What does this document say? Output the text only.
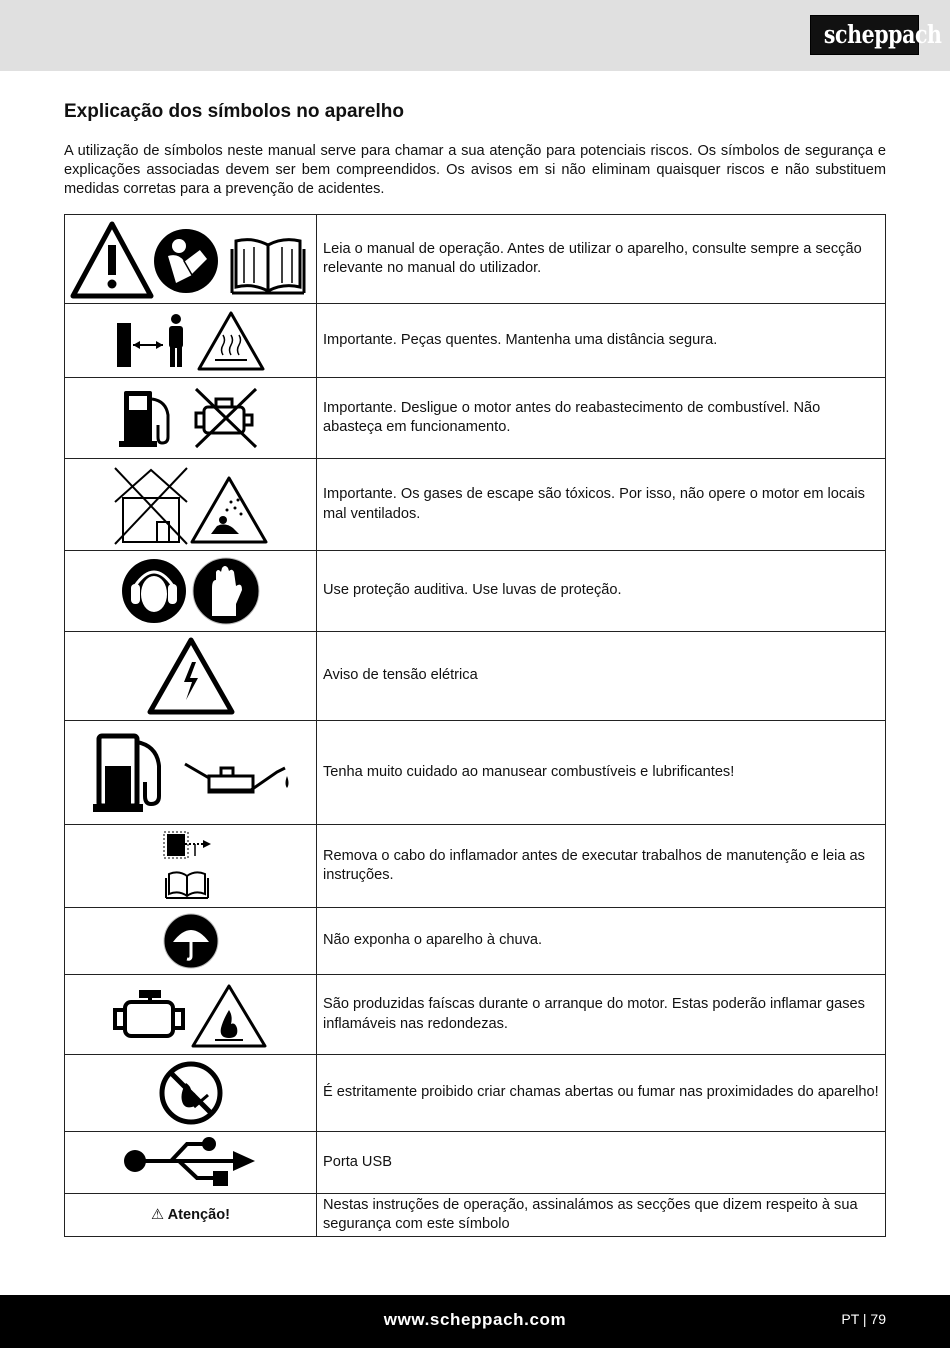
scheppach
Explicação dos símbolos no aparelho

A utilização de símbolos neste manual serve para chamar a sua atenção para potenciais riscos. Os símbolos de segurança e explicações associadas devem ser bem compreendidos. Os avisos em si não eliminam quaisquer riscos e não substituem medidas corretas para a prevenção de acidentes.

	Leia o manual de operação. Antes de utilizar o aparelho, consulte sempre a secção relevante no manual do utilizador.
	Importante. Peças quentes. Mantenha uma distância segura.
	Importante. Desligue o motor antes do reabastecimento de combustível. Não abasteça em funcionamento.
	Importante. Os gases de escape são tóxicos. Por isso, não opere o motor em locais mal ventilados.
	Use proteção auditiva. Use luvas de proteção.
	Aviso de tensão elétrica
	Tenha muito cuidado ao manusear combustíveis e lubrificantes!
	Remova o cabo do inflamador antes de executar trabalhos de manutenção e leia as instruções.
	Não exponha o aparelho à chuva.
	São produzidas faíscas durante o arranque do motor. Estas poderão inflamar gases inflamáveis nas redondezas.
	É estritamente proibido criar chamas abertas ou fumar nas proximidades do aparelho!
	Porta USB
⚠ Atenção!	Nestas instruções de operação, assinalámos as secções que dizem respeito à sua segurança com este símbolo
www.scheppach.com	PT | 79
